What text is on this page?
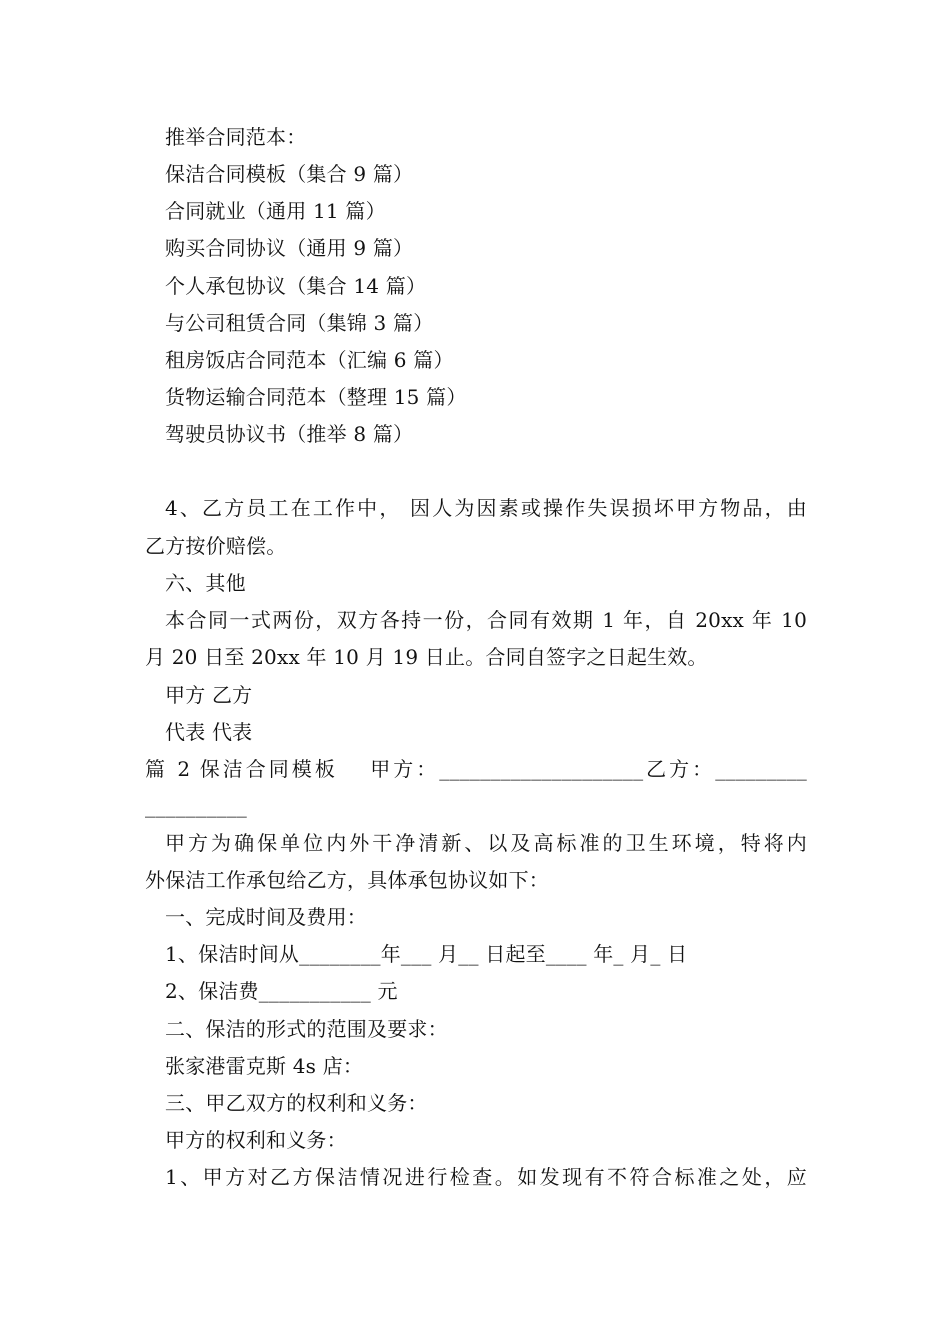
推举合同范本：
保洁合同模板（集合 9 篇）
合同就业（通用 11 篇）
购买合同协议（通用 9 篇）
个人承包协议（集合 14 篇）
与公司租赁合同（集锦 3 篇）
租房饭店合同范本（汇编 6 篇）
货物运输合同范本（整理 15 篇）
驾驶员协议书（推举 8 篇）
4、乙方员工在工作中， 因人为因素或操作失误损坏甲方物品，由
乙方按价赔偿。
六、其他
本合同一式两份，双方各持一份，合同有效期 1 年，自 20xx 年 10
月 20 日至 20xx 年 10 月 19 日止。合同自签字之日起生效。
甲方 乙方
代表 代表
篇 2 保洁合同模板　 甲方：____________________乙方：_________
__________
甲方为确保单位内外干净清新、以及高标准的卫生环境，特将内
外保洁工作承包给乙方，具体承包协议如下：
一、完成时间及费用：
1、保洁时间从________年___ 月__ 日起至____ 年_ 月_ 日
2、保洁费___________ 元
二、保洁的形式的范围及要求：
张家港雷克斯 4s 店：
三、甲乙双方的权利和义务：
甲方的权利和义务：
1、甲方对乙方保洁情况进行检查。如发现有不符合标准之处，应
